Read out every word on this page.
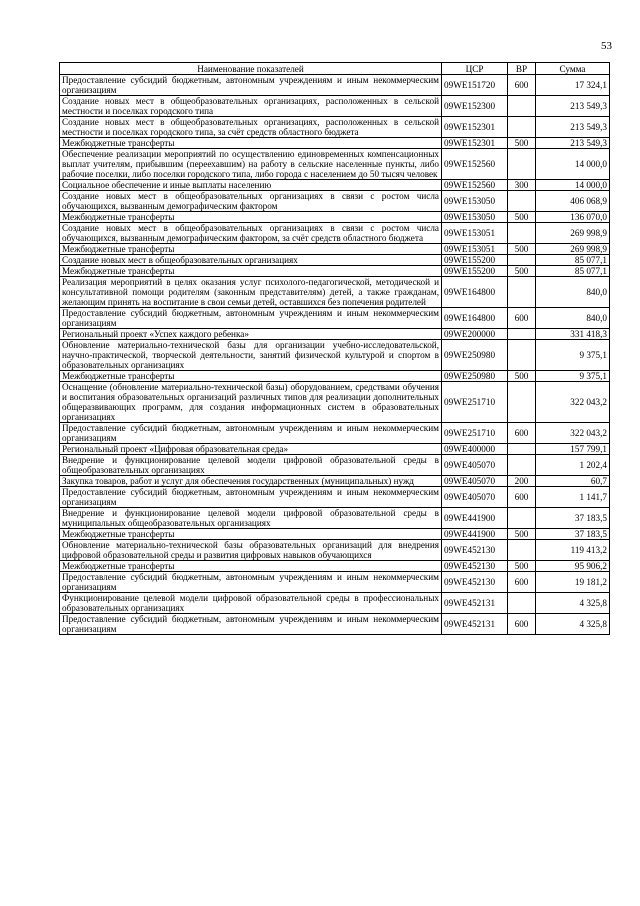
53
Наименование показателей	ЦСР	ВР	Сумма
Предоставление субсидий бюджетным, автономным учреждениям и иным некоммерческим организациям	09WE151720	600	17 324,1
Создание новых мест в общеобразовательных организациях, расположенных в сельской местности и поселках городского типа	09WE152300		213 549,3
Создание новых мест в общеобразовательных организациях, расположенных в сельской местности и поселках городского типа, за счёт средств областного бюджета	09WE152301		213 549,3
Межбюджетные трансферты	09WE152301	500	213 549,3
Обеспечение реализации мероприятий по осуществлению единовременных компенсационных выплат учителям, прибывшим (переехавшим) на работу в сельские населенные пункты, либо рабочие поселки, либо поселки городского типа, либо города с населением до 50 тысяч человек	09WE152560		14 000,0
Социальное обеспечение и иные выплаты населению	09WE152560	300	14 000,0
Создание новых мест в общеобразовательных организациях в связи с ростом числа обучающихся, вызванным демографическим фактором	09WE153050		406 068,9
Межбюджетные трансферты	09WE153050	500	136 070,0
Создание новых мест в общеобразовательных организациях в связи с ростом числа обучающихся, вызванным демографическим фактором, за счёт средств областного бюджета	09WE153051		269 998,9
Межбюджетные трансферты	09WE153051	500	269 998,9
Создание новых мест в общеобразовательных организациях	09WE155200		85 077,1
Межбюджетные трансферты	09WE155200	500	85 077,1
Реализация мероприятий в целях оказания услуг психолого-педагогической, методической и консультативной помощи родителям (законным представителям) детей, а также гражданам, желающим принять на воспитание в свои семьи детей, оставшихся без попечения родителей	09WE164800		840,0
Предоставление субсидий бюджетным, автономным учреждениям и иным некоммерческим организациям	09WE164800	600	840,0
Региональный проект «Успех каждого ребенка»	09WE200000		331 418,3
Обновление материально-технической базы для организации учебно-исследовательской, научно-практической, творческой деятельности, занятий физической культурой и спортом в образовательных организациях	09WE250980		9 375,1
Межбюджетные трансферты	09WE250980	500	9 375,1
Оснащение (обновление материально-технической базы) оборудованием, средствами обучения и воспитания образовательных организаций различных типов для реализации дополнительных общеразвивающих программ, для создания информационных систем в образовательных организациях	09WE251710		322 043,2
Предоставление субсидий бюджетным, автономным учреждениям и иным некоммерческим организациям	09WE251710	600	322 043,2
Региональный проект «Цифровая образовательная среда»	09WE400000		157 799,1
Внедрение и функционирование целевой модели цифровой образовательной среды в общеобразовательных организациях	09WE405070		1 202,4
Закупка товаров, работ и услуг для обеспечения государственных (муниципальных) нужд	09WE405070	200	60,7
Предоставление субсидий бюджетным, автономным учреждениям и иным некоммерческим организациям	09WE405070	600	1 141,7
Внедрение и функционирование целевой модели цифровой образовательной среды в муниципальных общеобразовательных организациях	09WE441900		37 183,5
Межбюджетные трансферты	09WE441900	500	37 183,5
Обновление материально-технической базы образовательных организаций для внедрения цифровой образовательной среды и развития цифровых навыков обучающихся	09WE452130		119 413,2
Межбюджетные трансферты	09WE452130	500	95 906,2
Предоставление субсидий бюджетным, автономным учреждениям и иным некоммерческим организациям	09WE452130	600	19 181,2
Функционирование целевой модели цифровой образовательной среды в профессиональных образовательных организациях	09WE452131		4 325,8
Предоставление субсидий бюджетным, автономным учреждениям и иным некоммерческим организациям	09WE452131	600	4 325,8
